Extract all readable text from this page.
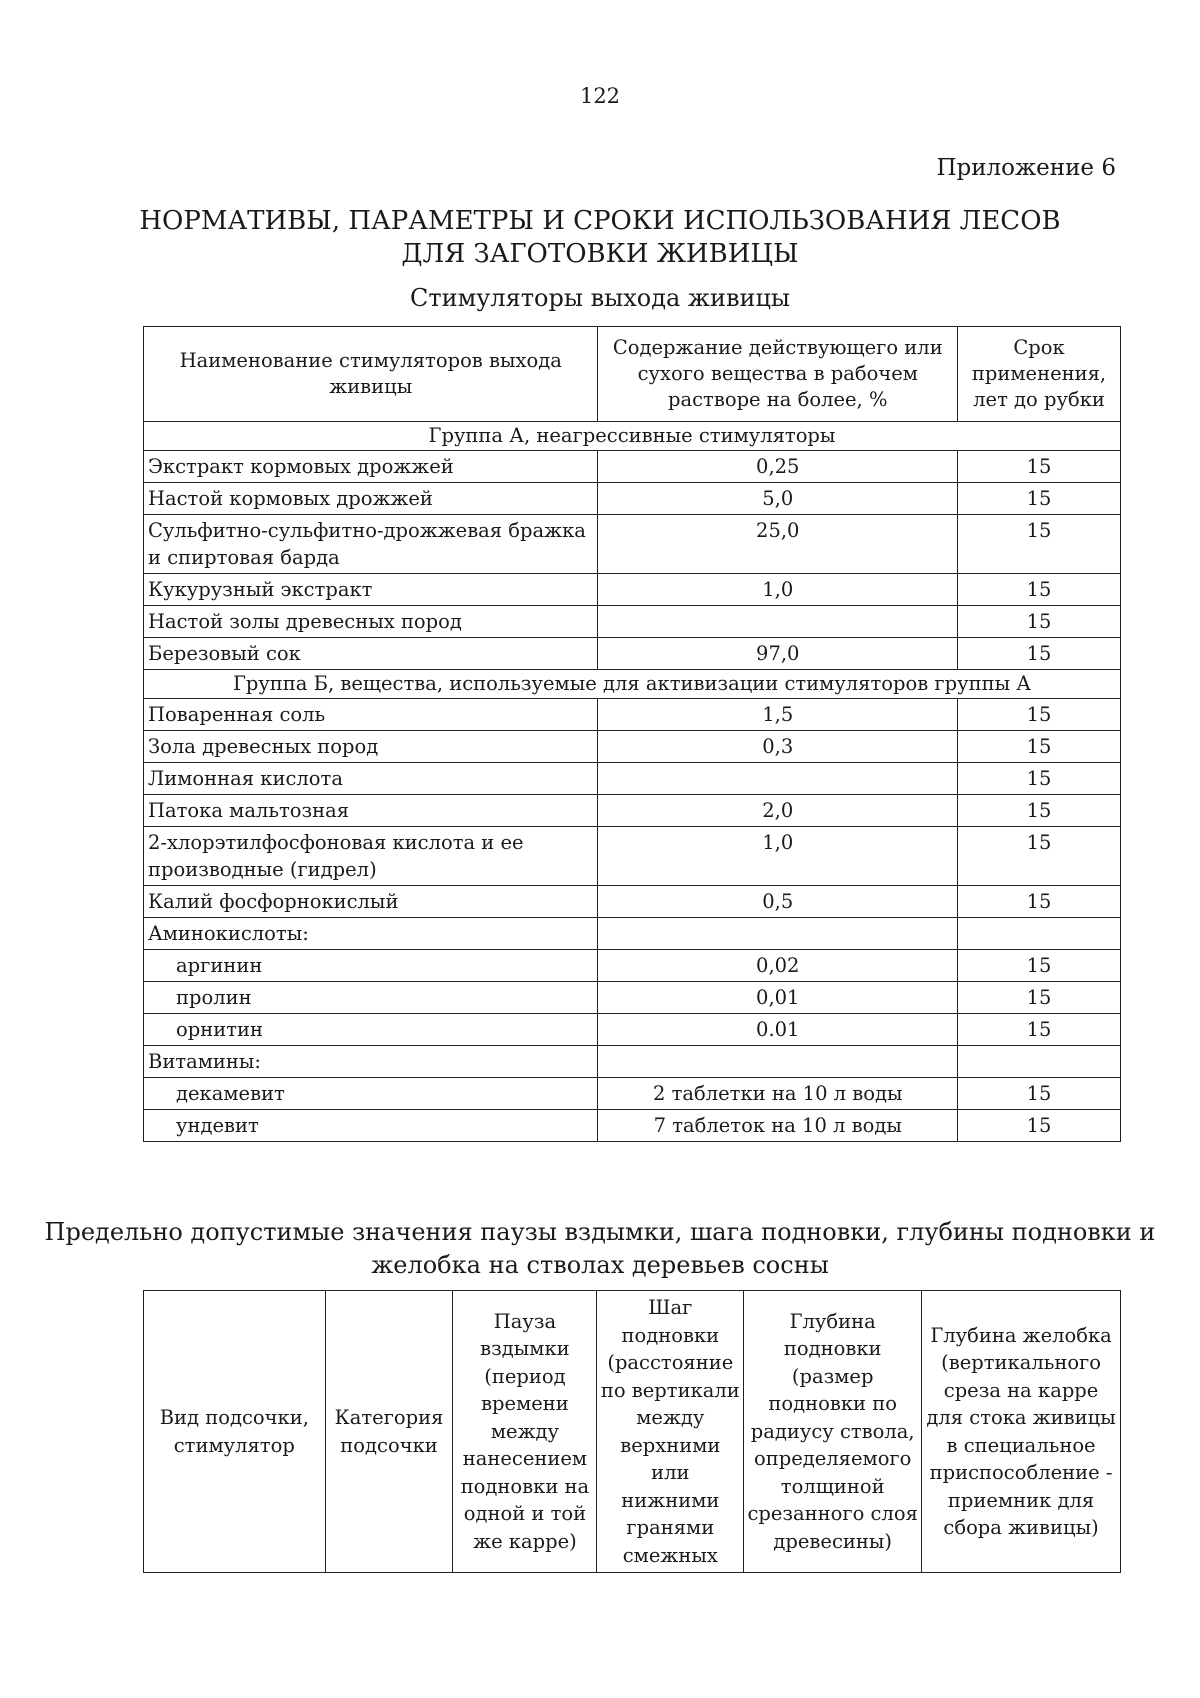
122
Приложение 6
НОРМАТИВЫ, ПАРАМЕТРЫ И СРОКИ ИСПОЛЬЗОВАНИЯ ЛЕСОВ ДЛЯ ЗАГОТОВКИ ЖИВИЦЫ
Стимуляторы выхода живицы
Наименование стимуляторов выхода живицы	Содержание действующего или сухого вещества в рабочем растворе на более, %	Срок применения, лет до рубки
Группа А, неагрессивные стимуляторы		
Экстракт кормовых дрожжей	0,25	15
Настой кормовых дрожжей	5,0	15
Сульфитно-сульфитно-дрожжевая бражка и спиртовая барда	25,0	15
Кукурузный экстракт	1,0	15
Настой золы древесных пород		15
Березовый сок	97,0	15
Группа Б, вещества, используемые для активизации стимуляторов группы А		
Поваренная соль	1,5	15
Зола древесных пород	0,3	15
Лимонная кислота		15
Патока мальтозная	2,0	15
2-хлорэтилфосфоновая кислота и ее производные (гидрел)	1,0	15
Калий фосфорнокислый	0,5	15
Аминокислоты:		
аргинин	0,02	15
пролин	0,01	15
орнитин	0.01	15
Витамины:		
декамевит	2 таблетки на 10 л воды	15
ундевит	7 таблеток на 10 л воды	15
Предельно допустимые значения паузы вздымки, шага подновки, глубины подновки и желобка на стволах деревьев сосны
Вид подсочки, стимулятор	Категория подсочки	Пауза вздымки (период времени между нанесением подновки на одной и той же карре)	Шаг подновки (расстояние по вертикали между верхними или нижними гранями смежных	Глубина подновки (размер подновки по радиусу ствола, определяемого толщиной срезанного слоя древесины)	Глубина желобка (вертикального среза на карре для стока живицы в специальное приспособление - приемник для сбора живицы)
